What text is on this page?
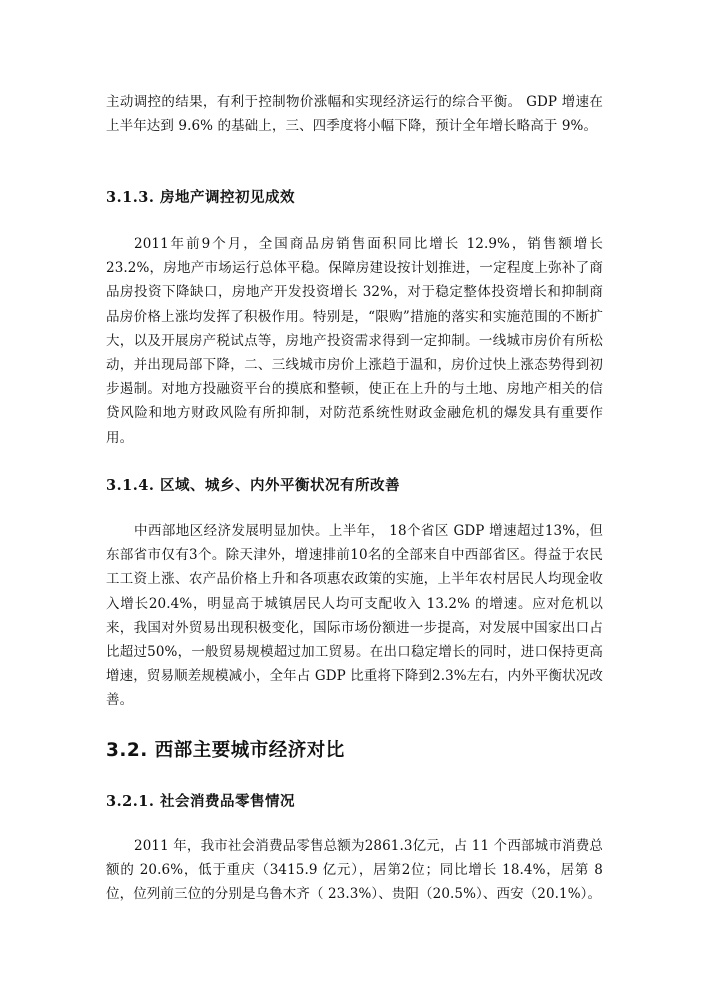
主动调控的结果，有利于控制物价涨幅和实现经济运行的综合平衡。 GDP 增速在上半年达到 9.6% 的基础上，三、四季度将小幅下降，预计全年增长略高于 9%。

3.1.3. 房地产调控初见成效

2011年前9个月，全国商品房销售面积同比增长 12.9%，销售额增长 23.2%，房地产市场运行总体平稳。保障房建设按计划推进，一定程度上弥补了商品房投资下降缺口，房地产开发投资增长 32%，对于稳定整体投资增长和抑制商品房价格上涨均发挥了积极作用。特别是，“限购”措施的落实和实施范围的不断扩大，以及开展房产税试点等，房地产投资需求得到一定抑制。一线城市房价有所松动，并出现局部下降，二、三线城市房价上涨趋于温和，房价过快上涨态势得到初步遏制。对地方投融资平台的摸底和整顿，使正在上升的与土地、房地产相关的信贷风险和地方财政风险有所抑制，对防范系统性财政金融危机的爆发具有重要作用。

3.1.4. 区域、城乡、内外平衡状况有所改善

中西部地区经济发展明显加快。上半年， 18个省区 GDP 增速超过13%，但东部省市仅有3个。除天津外，增速排前10名的全部来自中西部省区。得益于农民工工资上涨、农产品价格上升和各项惠农政策的实施，上半年农村居民人均现金收入增长20.4%，明显高于城镇居民人均可支配收入 13.2% 的增速。应对危机以来，我国对外贸易出现积极变化，国际市场份额进一步提高，对发展中国家出口占比超过50%，一般贸易规模超过加工贸易。在出口稳定增长的同时，进口保持更高增速，贸易顺差规模减小，全年占 GDP 比重将下降到2.3%左右，内外平衡状况改善。

3.2. 西部主要城市经济对比
3.2.1. 社会消费品零售情况

2011 年，我市社会消费品零售总额为2861.3亿元，占 11 个西部城市消费总额的 20.6%，低于重庆（3415.9 亿元），居第2位；同比增长 18.4%，居第 8 位，位列前三位的分别是乌鲁木齐（ 23.3%）、贵阳（20.5%）、西安（20.1%）。
